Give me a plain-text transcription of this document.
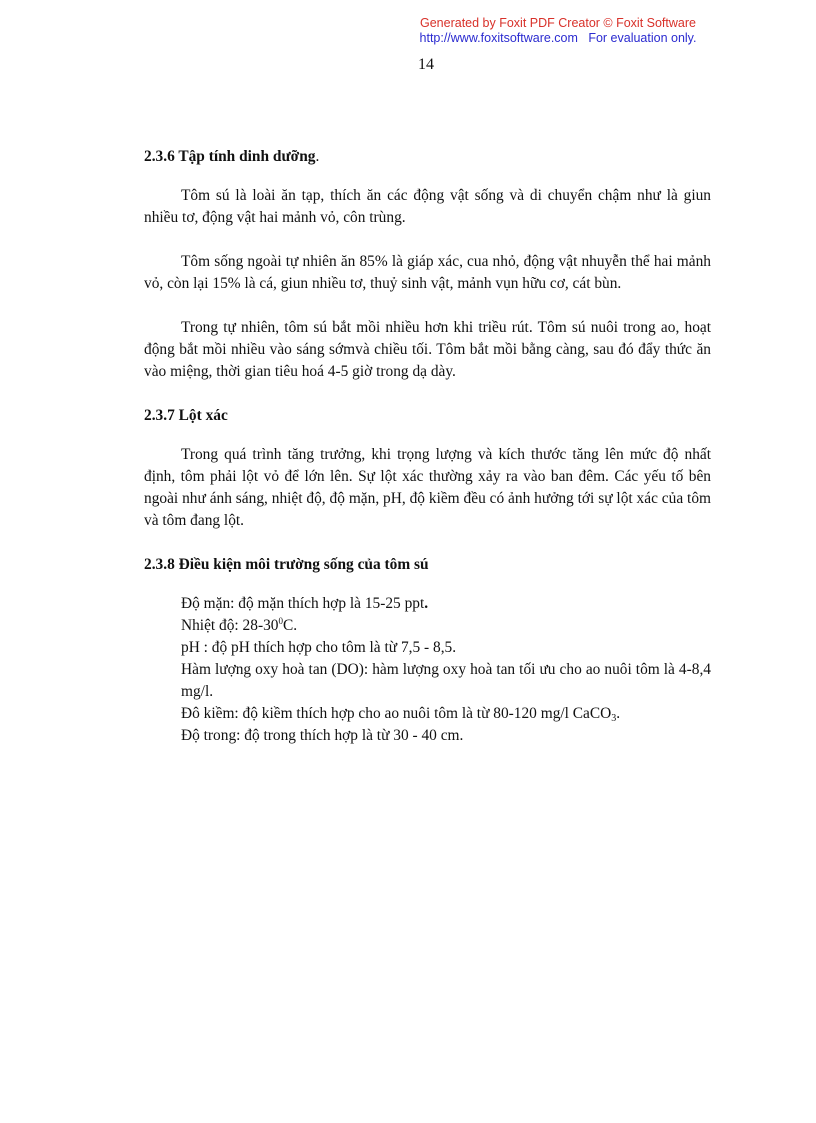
Generated by Foxit PDF Creator © Foxit Software
http://www.foxitsoftware.com   For evaluation only.
14
2.3.6 Tập tính dinh dưỡng.

Tôm sú là loài ăn tạp, thích ăn các động vật sống và di chuyển chậm như là giun nhiều tơ, động vật hai mảnh vỏ, côn trùng.

Tôm sống ngoài tự nhiên ăn 85% là giáp xác, cua nhỏ, động vật nhuyễn thể hai mảnh vỏ, còn lại 15% là cá, giun nhiều tơ, thuỷ sinh vật, mảnh vụn hữu cơ, cát bùn.

Trong tự nhiên, tôm sú bắt mồi nhiều hơn khi triều rút. Tôm sú nuôi trong ao, hoạt động bắt mồi nhiều vào sáng sớmvà chiều tối. Tôm bắt mồi bằng càng, sau đó đẩy thức ăn vào miệng, thời gian tiêu hoá 4-5 giờ trong dạ dày.

2.3.7 Lột xác

Trong quá trình tăng trưởng, khi trọng lượng và kích thước tăng lên mức độ nhất định, tôm phải lột vỏ để lớn lên. Sự lột xác thường xảy ra vào ban đêm. Các yếu tố bên ngoài như ánh sáng, nhiệt độ, độ mặn, pH, độ kiềm đều có ảnh hưởng tới sự lột xác của tôm và tôm đang lột.

2.3.8 Điều kiện môi trường sống của tôm sú
Độ mặn: độ mặn thích hợp là 15-25 ppt.
Nhiệt độ: $28-30^0C$.
pH : độ pH thích hợp cho tôm là từ 7,5 - 8,5.

Hàm lượng oxy hoà tan (DO): hàm lượng oxy hoà tan tối ưu cho ao nuôi tôm là 4-8,4 mg/l.

Đô kiềm: độ kiềm thích hợp cho ao nuôi tôm là từ 80-120 mg/l CaCO$_3$.
Độ trong: độ trong thích hợp là từ 30 - 40 cm.
